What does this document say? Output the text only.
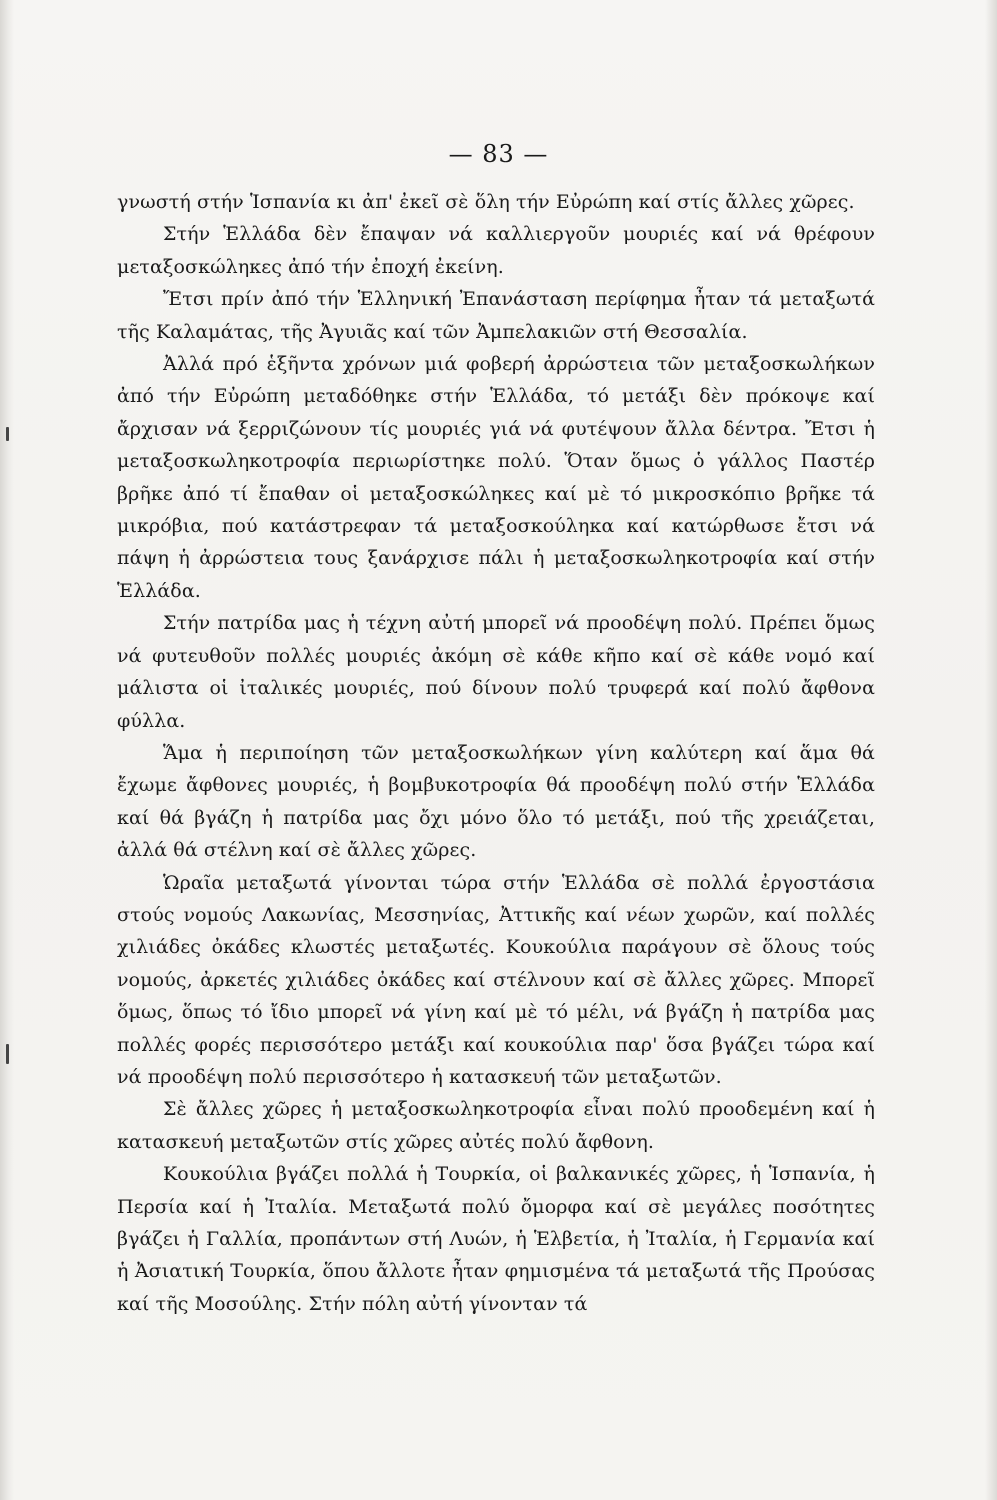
— 83 —

γνωστή στήν Ἱσπανία κι ἀπ' ἐκεῖ σὲ ὅλη τήν Εὐρώπη καί στίς ἄλλες χῶρες.

Στήν Ἑλλάδα δὲν ἔπαψαν νά καλλιεργοῦν μουριές καί νά θρέφουν μεταξοσκώληκες ἀπό τήν ἐποχή ἐκείνη.

Ἔτσι πρίν ἀπό τήν Ἑλληνική Ἐπανάσταση περίφημα ἦταν τά μεταξωτά τῆς Καλαμάτας, τῆς Ἀγυιᾶς καί τῶν Ἀμπελακιῶν στή Θεσσαλία.

Ἀλλά πρό ἑξῆντα χρόνων μιά φοβερή ἀρρώστεια τῶν μεταξοσκωλήκων ἀπό τήν Εὐρώπη μεταδόθηκε στήν Ἑλλάδα, τό μετάξι δὲν πρόκοψε καί ἄρχισαν νά ξερριζώνουν τίς μουριές γιά νά φυτέψουν ἄλλα δέντρα. Ἔτσι ἡ μεταξοσκωληκοτροφία περιωρίστηκε πολύ. Ὅταν ὅμως ὁ γάλλος Παστέρ βρῆκε ἀπό τί ἔπαθαν οἱ μεταξοσκώληκες καί μὲ τό μικροσκόπιο βρῆκε τά μικρόβια, πού κατάστρεφαν τά μεταξοσκούληκα καί κατώρθωσε ἔτσι νά πάψη ἡ ἀρρώστεια τους ξανάρχισε πάλι ἡ μεταξοσκωληκοτροφία καί στήν Ἑλλάδα.

Στήν πατρίδα μας ἡ τέχνη αὐτή μπορεῖ νά προοδέψη πολύ. Πρέπει ὅμως νά φυτευθοῦν πολλές μουριές ἀκόμη σὲ κάθε κῆπο καί σὲ κάθε νομό καί μάλιστα οἱ ἰταλικές μουριές, πού δίνουν πολύ τρυφερά καί πολύ ἄφθονα φύλλα.

Ἅμα ἡ περιποίηση τῶν μεταξοσκωλήκων γίνη καλύτερη καί ἅμα θά ἔχωμε ἄφθονες μουριές, ἡ βομβυκοτροφία θά προοδέψη πολύ στήν Ἑλλάδα καί θά βγάζη ἡ πατρίδα μας ὄχι μόνο ὅλο τό μετάξι, πού τῆς χρειάζεται, ἀλλά θά στέλνη καί σὲ ἄλλες χῶρες.

Ὡραῖα μεταξωτά γίνονται τώρα στήν Ἑλλάδα σὲ πολλά ἐργοστάσια στούς νομούς Λακωνίας, Μεσσηνίας, Ἀττικῆς καί νέων χωρῶν, καί πολλές χιλιάδες ὀκάδες κλωστές μεταξωτές. Κουκούλια παράγουν σὲ ὅλους τούς νομούς, ἀρκετές χιλιάδες ὀκάδες καί στέλνουν καί σὲ ἄλλες χῶρες. Μπορεῖ ὅμως, ὅπως τό ἴδιο μπορεῖ νά γίνη καί μὲ τό μέλι, νά βγάζη ἡ πατρίδα μας πολλές φορές περισσότερο μετάξι καί κουκούλια παρ' ὅσα βγάζει τώρα καί νά προοδέψη πολύ περισσότερο ἡ κατασκευή τῶν μεταξωτῶν.

Σὲ ἄλλες χῶρες ἡ μεταξοσκωληκοτροφία εἶναι πολύ προοδεμένη καί ἡ κατασκευή μεταξωτῶν στίς χῶρες αὐτές πολύ ἄφθονη.

Κουκούλια βγάζει πολλά ἡ Τουρκία, οἱ βαλκανικές χῶρες, ἡ Ἱσπανία, ἡ Περσία καί ἡ Ἰταλία. Μεταξωτά πολύ ὄμορφα καί σὲ μεγάλες ποσότητες βγάζει ἡ Γαλλία, προπάντων στή Λυών, ἡ Ἑλβετία, ἡ Ἰταλία, ἡ Γερμανία καί ἡ Ἀσιατική Τουρκία, ὅπου ἄλλοτε ἦταν φημισμένα τά μεταξωτά τῆς Προύσας καί τῆς Μοσούλης. Στήν πόλη αὐτή γίνονταν τά
